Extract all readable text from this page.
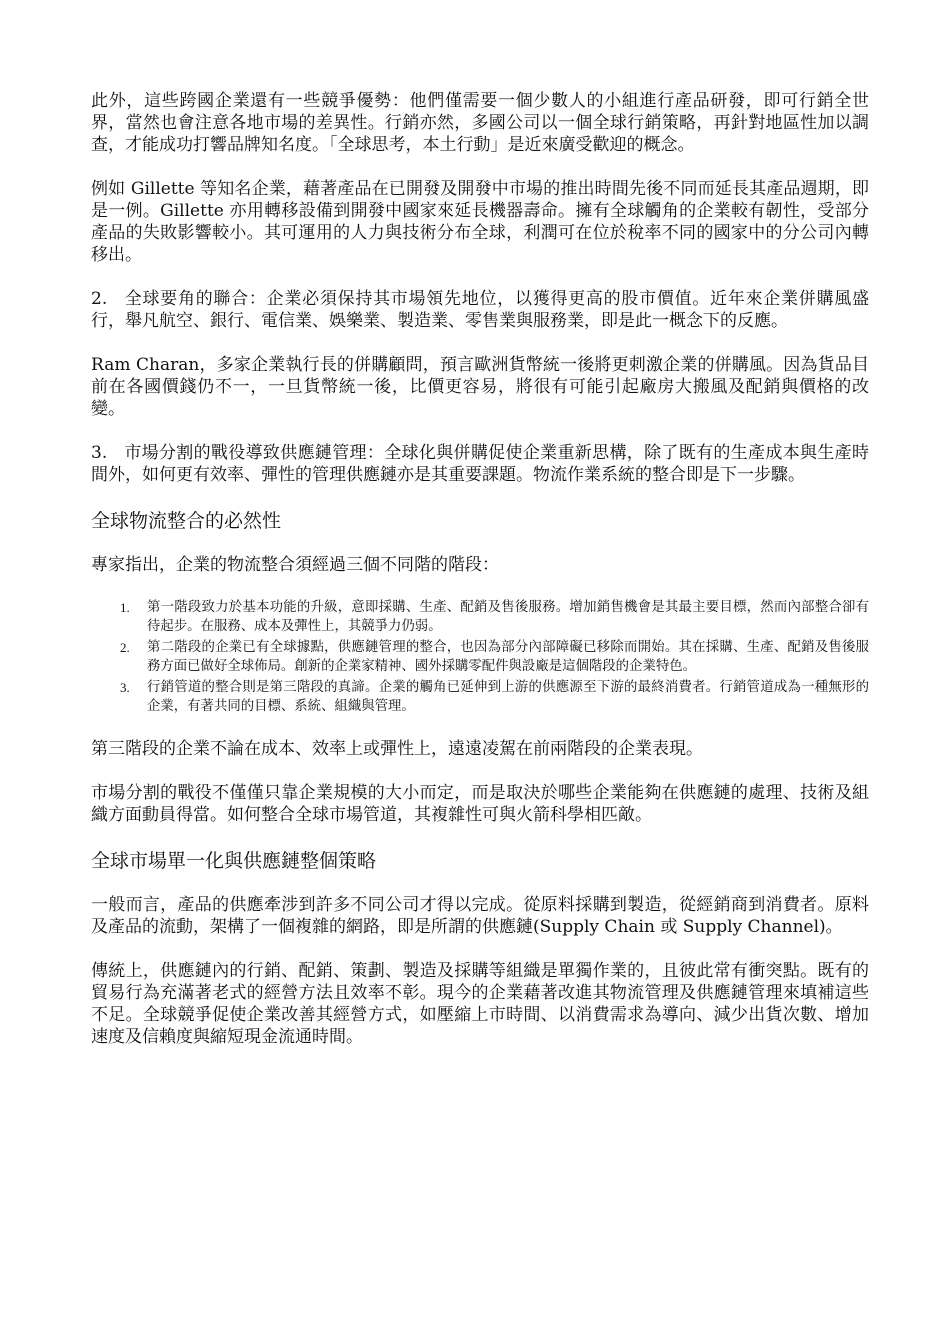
此外，這些跨國企業還有一些競爭優勢：他們僅需要一個少數人的小組進行產品研發，即可行銷全世界，當然也會注意各地市場的差異性。行銷亦然，多國公司以一個全球行銷策略，再針對地區性加以調查，才能成功打響品牌知名度。「全球思考，本土行動」是近來廣受歡迎的概念。

例如 Gillette 等知名企業，藉著產品在已開發及開發中市場的推出時間先後不同而延長其產品週期，即是一例。Gillette 亦用轉移設備到開發中國家來延長機器壽命。擁有全球觸角的企業較有韌性，受部分產品的失敗影響較小。其可運用的人力與技術分布全球，利潤可在位於稅率不同的國家中的分公司內轉移出。

2. 全球要角的聯合：企業必須保持其市場領先地位，以獲得更高的股市價值。近年來企業併購風盛行，舉凡航空、銀行、電信業、娛樂業、製造業、零售業與服務業，即是此一概念下的反應。

Ram Charan，多家企業執行長的併購顧問，預言歐洲貨幣統一後將更刺激企業的併購風。因為貨品目前在各國價錢仍不一，一旦貨幣統一後，比價更容易，將很有可能引起廠房大搬風及配銷與價格的改變。

3. 市場分割的戰役導致供應鏈管理：全球化與併購促使企業重新思構，除了既有的生產成本與生產時間外，如何更有效率、彈性的管理供應鏈亦是其重要課題。物流作業系統的整合即是下一步驟。

全球物流整合的必然性

專家指出，企業的物流整合須經過三個不同階的階段：

1. 第一階段致力於基本功能的升級，意即採購、生產、配銷及售後服務。增加銷售機會是其最主要目標，然而內部整合卻有待起步。在服務、成本及彈性上，其競爭力仍弱。
2. 第二階段的企業已有全球據點，供應鏈管理的整合，也因為部分內部障礙已移除而開始。其在採購、生產、配銷及售後服務方面已做好全球佈局。創新的企業家精神、國外採購零配件與設廠是這個階段的企業特色。
3. 行銷管道的整合則是第三階段的真諦。企業的觸角已延伸到上游的供應源至下游的最終消費者。行銷管道成為一種無形的企業，有著共同的目標、系統、組織與管理。

第三階段的企業不論在成本、效率上或彈性上，遠遠凌駕在前兩階段的企業表現。

市場分割的戰役不僅僅只靠企業規模的大小而定，而是取決於哪些企業能夠在供應鏈的處理、技術及組織方面動員得當。如何整合全球市場管道，其複雜性可與火箭科學相匹敵。

全球市場單一化與供應鏈整個策略

一般而言，產品的供應牽涉到許多不同公司才得以完成。從原料採購到製造，從經銷商到消費者。原料及產品的流動，架構了一個複雜的網路，即是所謂的供應鏈(Supply Chain 或 Supply Channel)。

傳統上，供應鏈內的行銷、配銷、策劃、製造及採購等組織是單獨作業的，且彼此常有衝突點。既有的貿易行為充滿著老式的經營方法且效率不彰。現今的企業藉著改進其物流管理及供應鏈管理來填補這些不足。全球競爭促使企業改善其經營方式，如壓縮上市時間、以消費需求為導向、減少出貨次數、增加速度及信賴度與縮短現金流通時間。
